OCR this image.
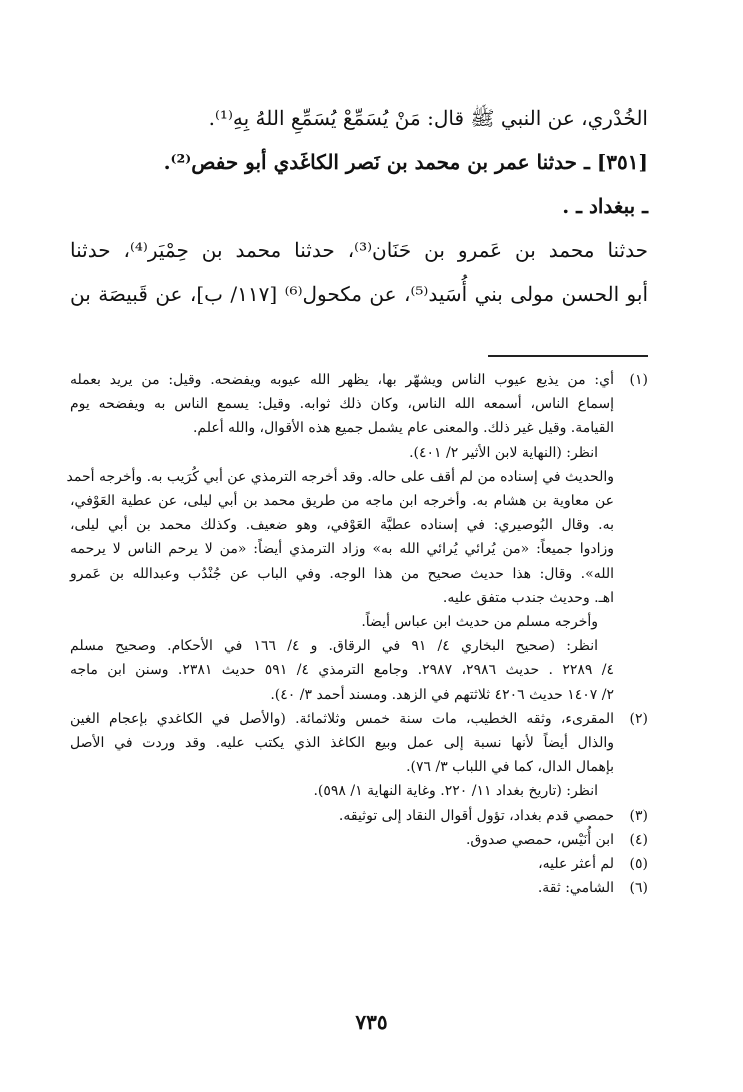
الخُدْري، عن النبي ﷺ قال: مَنْ يُسَمِّعْ يُسَمِّعِ اللهُ بِهِ⁽¹⁾.
[٣٥١] ـ حدثنا عمر بن محمد بن نَصر الكاغَدي أبو حفص⁽²⁾.
ـ ببغداد ـ .
حدثنا محمد بن عَمرو بن حَنَان⁽³⁾، حدثنا محمد بن حِمْيَر⁽⁴⁾، حدثنا
أبو الحسن مولى بني أُسَيد⁽⁵⁾، عن مكحول⁽⁶⁾ [١١٧/ ب]، عن قَبيصَة بن
(١)أي: من يذيع عيوب الناس ويشهّر بها، يظهر الله عيوبه ويفضحه. وقيل: من يريد بعمله
إسماع الناس، أسمعه الله الناس، وكان ذلك ثوابه. وقيل: يسمع الناس به ويفضحه يوم
القيامة. وقيل غير ذلك. والمعنى عام يشمل جميع هذه الأقوال، والله أعلم.
انظر: (النهاية لابن الأثير ٢/ ٤٠١).
والحديث في إسناده من لم أقف على حاله. وقد أخرجه الترمذي عن أبي كُرَيب به. وأخرجه أحمد
عن معاوية بن هشام به. وأخرجه ابن ماجه من طريق محمد بن أبي ليلى، عن عطية العَوْفي،
به. وقال البُوصيري: في إسناده عطيَّة العَوْفي، وهو ضعيف. وكذلك محمد بن أبي ليلى،
وزادوا جميعاً: «من يُرائي يُرائي الله به» وزاد الترمذي أيضاً: «من لا يرحم الناس لا يرحمه
الله». وقال: هذا حديث صحيح من هذا الوجه. وفي الباب عن جُنْدُب وعبدالله بن عَمرو
اهـ. وحديث جندب متفق عليه.
وأخرجه مسلم من حديث ابن عباس أيضاً.
انظر: (صحيح البخاري ٤/ ٩١ في الرقاق. و ٤/ ١٦٦ في الأحكام. وصحيح مسلم
٤/ ٢٢٨٩ . حديث ٢٩٨٦، ٢٩٨٧. وجامع الترمذي ٤/ ٥٩١ حديث ٢٣٨١. وسنن ابن ماجه
٢/ ١٤٠٧ حديث ٤٢٠٦ ثلاثتهم في الزهد. ومسند أحمد ٣/ ٤٠).
(٢)المقرىء، وثقه الخطيب، مات سنة خمس وثلاثمائة. (والأصل في الكاغدي بإعجام الغين
والذال أيضاً لأنها نسبة إلى عمل وبيع الكاغذ الذي يكتب عليه. وقد وردت في الأصل
بإهمال الدال، كما في اللباب ٣/ ٧٦).
انظر: (تاريخ بغداد ١١/ ٢٢٠. وغاية النهاية ١/ ٥٩٨).
(٣)حمصي قدم بغداد، تؤول أقوال النقاد إلى توثيقه.
(٤)ابن أُنَيْس، حمصي صدوق.
(٥)لم أعثر عليه،
(٦)الشامي: ثقة.
٧٣٥
